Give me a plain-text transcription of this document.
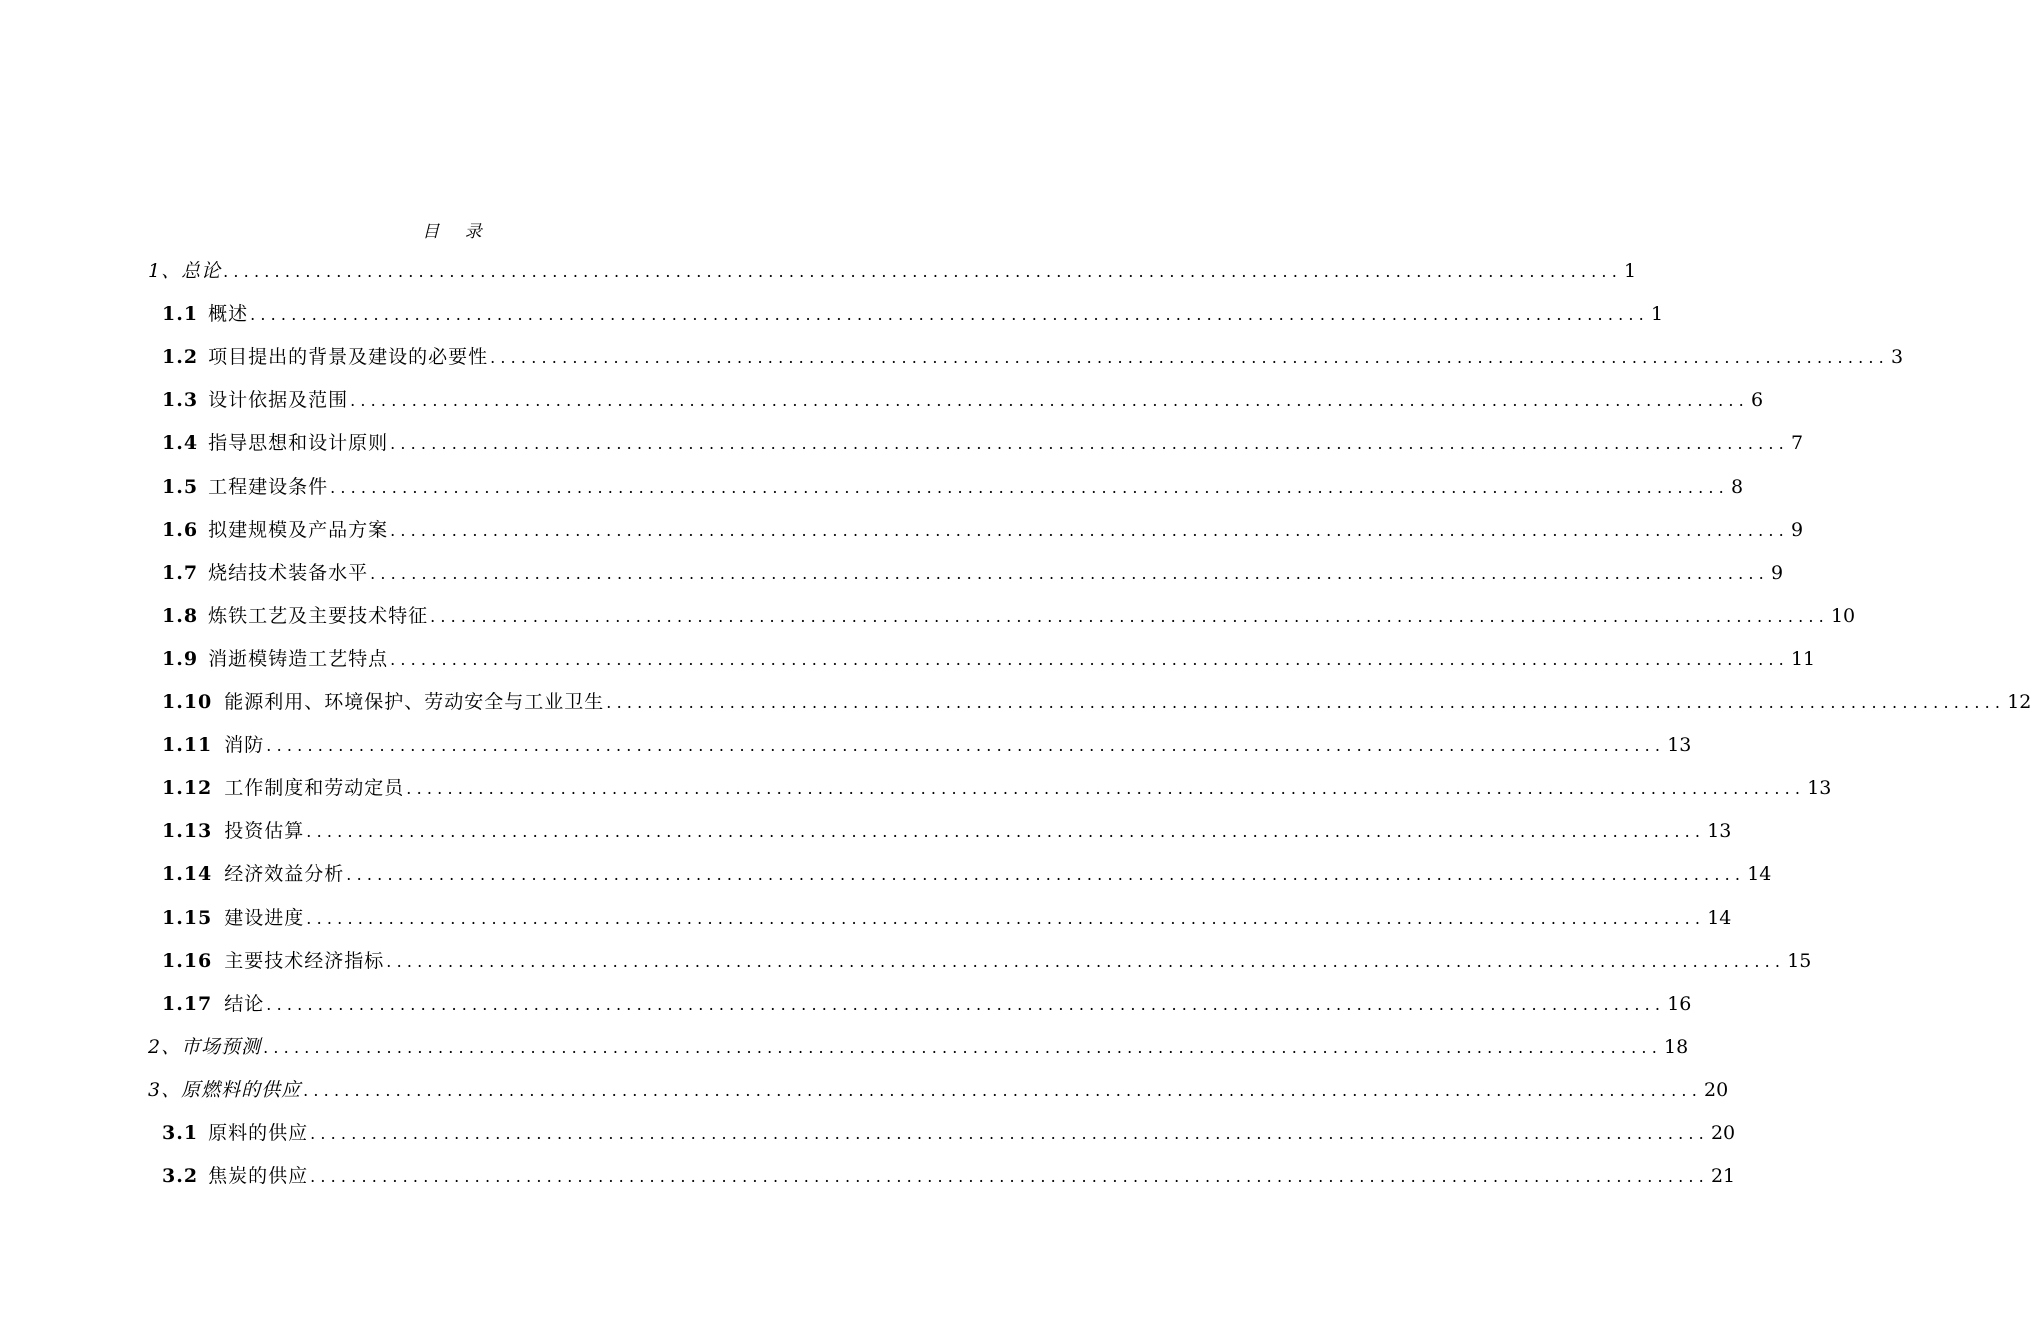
目 录
1、 总论 ........................................................................................................................................ 1
1.1 概述 ........................................................................................................................................ 1
1.2 项目提出的背景及建设的必要性 ........................................................................................................................................ 3
1.3 设计依据及范围 ........................................................................................................................................ 6
1.4 指导思想和设计原则 ........................................................................................................................................ 7
1.5 工程建设条件 ........................................................................................................................................ 8
1.6 拟建规模及产品方案 ........................................................................................................................................ 9
1.7 烧结技术装备水平 ........................................................................................................................................ 9
1.8 炼铁工艺及主要技术特征 ........................................................................................................................................ 10
1.9 消逝模铸造工艺特点 ........................................................................................................................................ 11
1.10 能源利用、环境保护、劳动安全与工业卫生 ........................................................................................................................................ 12
1.11 消防 ........................................................................................................................................ 13
1.12 工作制度和劳动定员 ........................................................................................................................................ 13
1.13 投资估算 ........................................................................................................................................ 13
1.14 经济效益分析 ........................................................................................................................................ 14
1.15 建设进度 ........................................................................................................................................ 14
1.16 主要技术经济指标 ........................................................................................................................................ 15
1.17 结论 ........................................................................................................................................ 16
2、 市场预测 ........................................................................................................................................ 18
3、 原燃料的供应 ........................................................................................................................................ 20
3.1 原料的供应 ........................................................................................................................................ 20
3.2 焦炭的供应 ........................................................................................................................................ 21
